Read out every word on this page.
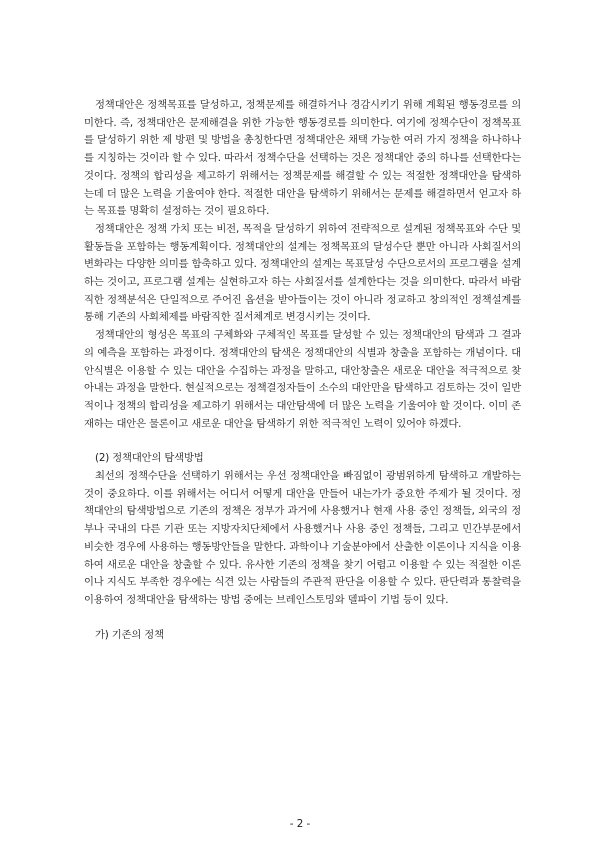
정책대안은 정책목표를 달성하고, 정책문제를 해결하거나 경감시키기 위해 계획된 행동경로를 의미한다. 즉, 정책대안은 문제해결을 위한 가능한 행동경로를 의미한다. 여기에 정책수단이 정책목표를 달성하기 위한 제 방편 및 방법을 총칭한다면 정책대안은 채택 가능한 여러 가지 정책을 하나하나를 지칭하는 것이라 할 수 있다. 따라서 정책수단을 선택하는 것은 정책대안 중의 하나를 선택한다는 것이다. 정책의 합리성을 제고하기 위해서는 정책문제를 해결할 수 있는 적절한 정책대안을 탐색하는데 더 많은 노력을 기울여야 한다. 적절한 대안을 탐색하기 위해서는 문제를 해결하면서 얻고자 하는 목표를 명확히 설정하는 것이 필요하다.

정책대안은 정책 가치 또는 비전, 목적을 달성하기 위하여 전략적으로 설계된 정책목표와 수단 및 활동들을 포함하는 행동계획이다. 정책대안의 설계는 정책목표의 달성수단 뿐만 아니라 사회질서의 변화라는 다양한 의미를 함축하고 있다. 정책대안의 설계는 목표달성 수단으로서의 프로그램을 설계하는 것이고, 프로그램 설계는 실현하고자 하는 사회질서를 설계한다는 것을 의미한다. 따라서 바람직한 정책분석은 단일적으로 주어진 옵션을 받아들이는 것이 아니라 정교하고 창의적인 정책설계를 통해 기존의 사회체제를 바람직한 질서체계로 변경시키는 것이다.

정책대안의 형성은 목표의 구체화와 구체적인 목표를 달성할 수 있는 정책대안의 탐색과 그 결과의 예측을 포함하는 과정이다. 정책대안의 탐색은 정책대안의 식별과 창출을 포함하는 개념이다. 대안식별은 이용할 수 있는 대안을 수집하는 과정을 말하고, 대안창출은 새로운 대안을 적극적으로 찾아내는 과정을 말한다. 현실적으로는 정책결정자들이 소수의 대안만을 탐색하고 검토하는 것이 일반적이나 정책의 합리성을 제고하기 위해서는 대안탐색에 더 많은 노력을 기울여야 할 것이다. 이미 존재하는 대안은 물론이고 새로운 대안을 탐색하기 위한 적극적인 노력이 있어야 하겠다.

(2) 정책대안의 탐색방법

최선의 정책수단을 선택하기 위해서는 우선 정책대안을 빠짐없이 광범위하게 탐색하고 개발하는 것이 중요하다. 이를 위해서는 어디서 어떻게 대안을 만들어 내는가가 중요한 주제가 될 것이다. 정책대안의 탐색방법으로 기존의 정책은 정부가 과거에 사용했거나 현재 사용 중인 정책들, 외국의 정부나 국내의 다른 기관 또는 지방자치단체에서 사용했거나 사용 중인 정책들, 그리고 민간부문에서 비슷한 경우에 사용하는 행동방안들을 말한다. 과학이나 기술분야에서 산출한 이론이나 지식을 이용하여 새로운 대안을 창출할 수 있다. 유사한 기존의 정책을 찾기 어렵고 이용할 수 있는 적절한 이론이나 지식도 부족한 경우에는 식견 있는 사람들의 주관적 판단을 이용할 수 있다. 판단력과 통찰력을 이용하여 정책대안을 탐색하는 방법 중에는 브레인스토밍와 델파이 기법 등이 있다.

가) 기존의 정책

- 2 -
